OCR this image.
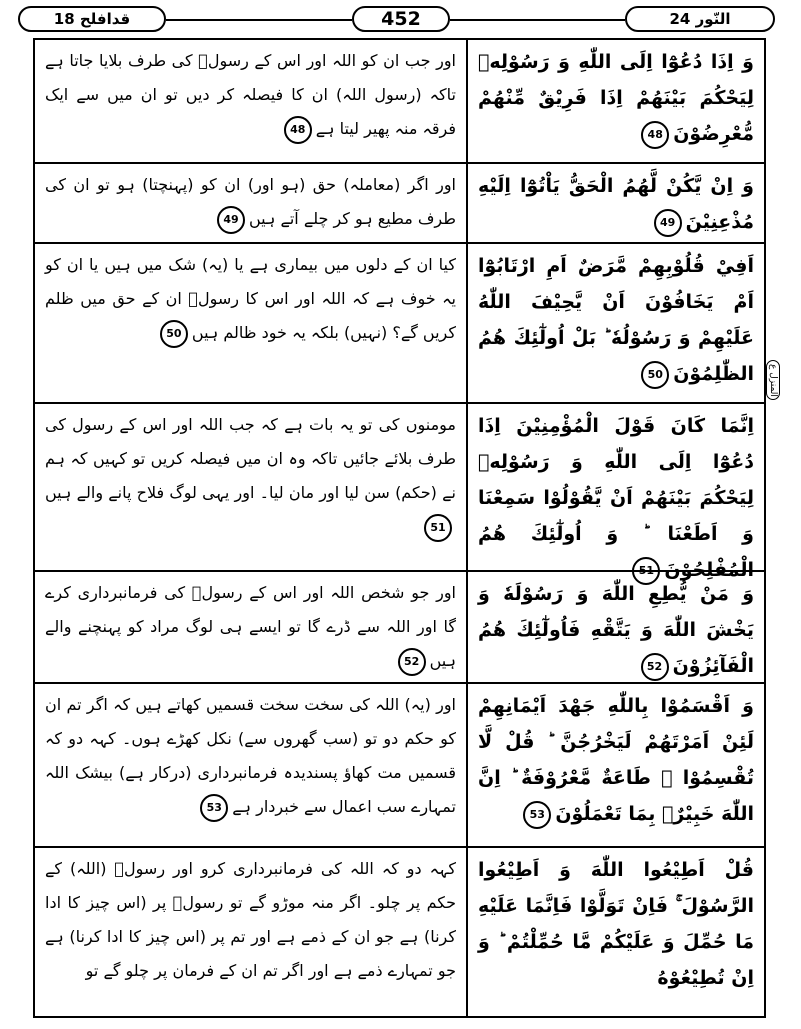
قدافلح 18	452	النّور 24
المنزل ع
وَ اِذَا دُعُوْٓا اِلَى اللّٰهِ وَ رَسُوْلِهٖ لِيَحْكُمَ بَيْنَهُمْ اِذَا فَرِيْقٌ مِّنْهُمْ مُّعْرِضُوْنَ48
اور جب ان کو اللہ اور اس کے رسولؐ کی طرف بلایا جاتا ہے تاکہ (رسول اللہ) ان کا فیصلہ کر دیں تو ان میں سے ایک فرقہ منہ پھیر لیتا ہے48
وَ اِنْ يَّكُنْ لَّهُمُ الْحَقُّ يَاْتُوْٓا اِلَيْهِ مُذْعِنِيْنَ49
اور اگر (معاملہ) حق (ہو اور) ان کو (پہنچتا) ہو تو ان کی طرف مطیع ہو کر چلے آتے ہیں49
اَفِيْ قُلُوْبِهِمْ مَّرَضٌ اَمِ ارْتَابُوْٓا اَمْ يَخَافُوْنَ اَنْ يَّحِيْفَ اللّٰهُ عَلَيْهِمْ وَ رَسُوْلُهٗ ؕ بَلْ اُولٰٓئِكَ هُمُ الظّٰلِمُوْنَ50
کیا ان کے دلوں میں بیماری ہے یا (یہ) شک میں ہیں یا ان کو یہ خوف ہے کہ اللہ اور اس کا رسولؐ ان کے حق میں ظلم کریں گے؟ (نہیں) بلکہ یہ خود ظالم ہیں50
اِنَّمَا كَانَ قَوْلَ الْمُؤْمِنِيْنَ اِذَا دُعُوْٓا اِلَى اللّٰهِ وَ رَسُوْلِهٖ لِيَحْكُمَ بَيْنَهُمْ اَنْ يَّقُوْلُوْا سَمِعْنَا وَ اَطَعْنَا ؕ وَ اُولٰٓئِكَ هُمُ الْمُفْلِحُوْنَ51
مومنوں کی تو یہ بات ہے کہ جب اللہ اور اس کے رسول کی طرف بلائے جائیں تاکہ وہ ان میں فیصلہ کریں تو کہیں کہ ہم نے (حکم) سن لیا اور مان لیا۔ اور یہی لوگ فلاح پانے والے ہیں51
وَ مَنْ يُّطِعِ اللّٰهَ وَ رَسُوْلَهٗ وَ يَخْشَ اللّٰهَ وَ يَتَّقْهِ فَاُولٰٓئِكَ هُمُ الْفَآئِزُوْنَ52
اور جو شخص اللہ اور اس کے رسولؐ کی فرمانبرداری کرے گا اور اللہ سے ڈرے گا تو ایسے ہی لوگ مراد کو پہنچنے والے ہیں52
وَ اَقْسَمُوْا بِاللّٰهِ جَهْدَ اَيْمَانِهِمْ لَئِنْ اَمَرْتَهُمْ لَيَخْرُجُنَّ ؕ قُلْ لَّا تُقْسِمُوْا ۚ طَاعَةٌ مَّعْرُوْفَةٌ ؕ اِنَّ اللّٰهَ خَبِيْرٌۢ بِمَا تَعْمَلُوْنَ53
اور (یہ) اللہ کی سخت سخت قسمیں کھاتے ہیں کہ اگر تم ان کو حکم دو تو (سب گھروں سے) نکل کھڑے ہوں۔ کہہ دو کہ قسمیں مت کھاؤ پسندیدہ فرمانبرداری (درکار ہے) بیشک اللہ تمہارے سب اعمال سے خبردار ہے53
قُلْ اَطِيْعُوا اللّٰهَ وَ اَطِيْعُوا الرَّسُوْلَ ۚ فَاِنْ تَوَلَّوْا فَاِنَّمَا عَلَيْهِ مَا حُمِّلَ وَ عَلَيْكُمْ مَّا حُمِّلْتُمْ ؕ وَ اِنْ تُطِيْعُوْهُ
کہہ دو کہ اللہ کی فرمانبرداری کرو اور رسولؐ (اللہ) کے حکم پر چلو۔ اگر منہ موڑو گے تو رسولؐ پر (اس چیز کا ادا کرنا) ہے جو ان کے ذمے ہے اور تم پر (اس چیز کا ادا کرنا) ہے جو تمہارے ذمے ہے اور اگر تم ان کے فرمان پر چلو گے تو
